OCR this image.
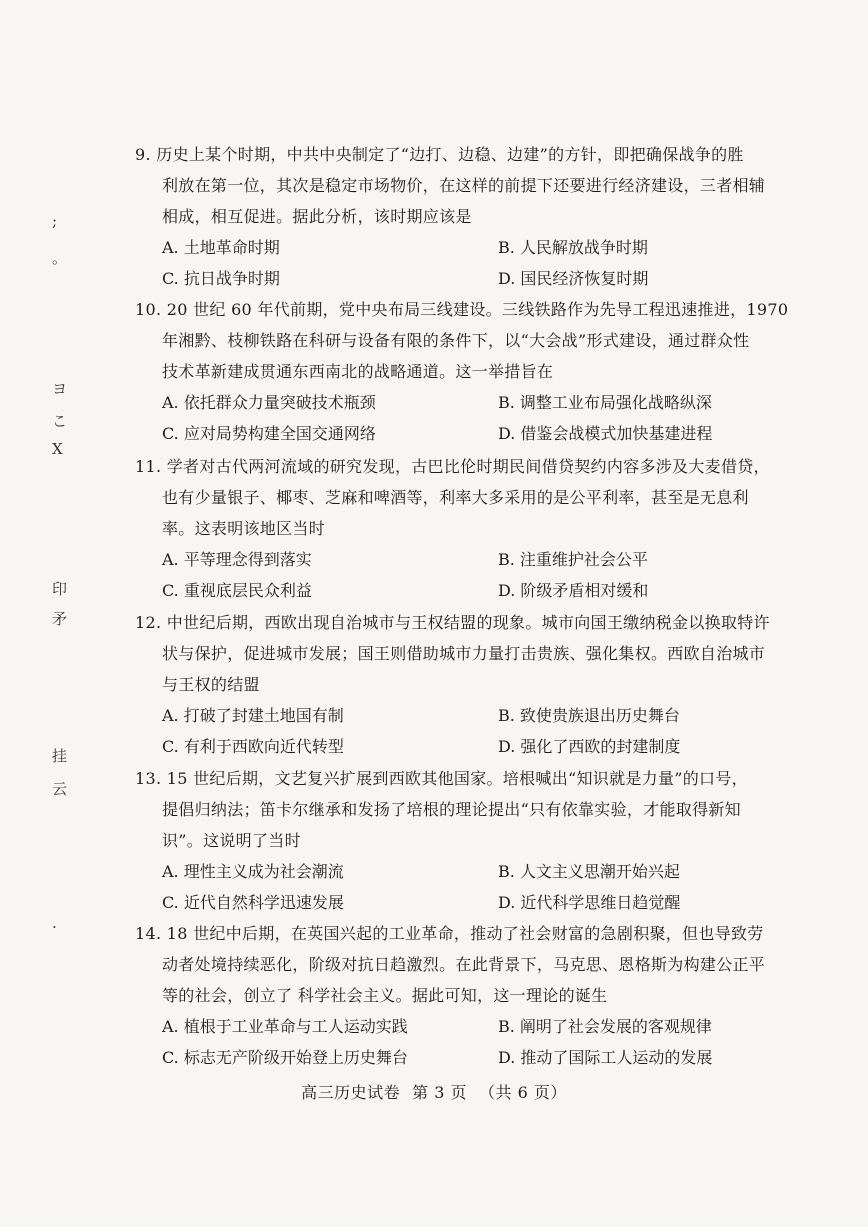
;
。
ヨ
こ
X
印
矛
挂
云
·
9. 历史上某个时期，中共中央制定了“边打、边稳、边建”的方针，即把确保战争的胜
利放在第一位，其次是稳定市场物价，在这样的前提下还要进行经济建设，三者相辅
相成，相互促进。据此分析，该时期应该是
A. 土地革命时期	B. 人民解放战争时期
C. 抗日战争时期	D. 国民经济恢复时期
10. 20 世纪 60 年代前期，党中央布局三线建设。三线铁路作为先导工程迅速推进，1970
年湘黔、枝柳铁路在科研与设备有限的条件下，以“大会战”形式建设，通过群众性
技术革新建成贯通东西南北的战略通道。这一举措旨在
A. 依托群众力量突破技术瓶颈	B. 调整工业布局强化战略纵深
C. 应对局势构建全国交通网络	D. 借鉴会战模式加快基建进程
11. 学者对古代两河流域的研究发现，古巴比伦时期民间借贷契约内容多涉及大麦借贷，
也有少量银子、椰枣、芝麻和啤酒等，利率大多采用的是公平利率，甚至是无息利
率。这表明该地区当时
A. 平等理念得到落实	B. 注重维护社会公平
C. 重视底层民众利益	D. 阶级矛盾相对缓和
12. 中世纪后期，西欧出现自治城市与王权结盟的现象。城市向国王缴纳税金以换取特许
状与保护，促进城市发展；国王则借助城市力量打击贵族、强化集权。西欧自治城市
与王权的结盟
A. 打破了封建土地国有制	B. 致使贵族退出历史舞台
C. 有利于西欧向近代转型	D. 强化了西欧的封建制度
13. 15 世纪后期，文艺复兴扩展到西欧其他国家。培根喊出“知识就是力量”的口号，
提倡归纳法；笛卡尔继承和发扬了培根的理论提出“只有依靠实验，才能取得新知
识”。这说明了当时
A. 理性主义成为社会潮流	B. 人文主义思潮开始兴起
C. 近代自然科学迅速发展	D. 近代科学思维日趋觉醒
14. 18 世纪中后期，在英国兴起的工业革命，推动了社会财富的急剧积聚，但也导致劳
动者处境持续恶化，阶级对抗日趋激烈。在此背景下，马克思、恩格斯为构建公正平
等的社会，创立了 科学社会主义。据此可知，这一理论的诞生
A. 植根于工业革命与工人运动实践	B. 阐明了社会发展的客观规律
C. 标志无产阶级开始登上历史舞台	D. 推动了国际工人运动的发展
高三历史试卷 第 3 页 （共 6 页）
